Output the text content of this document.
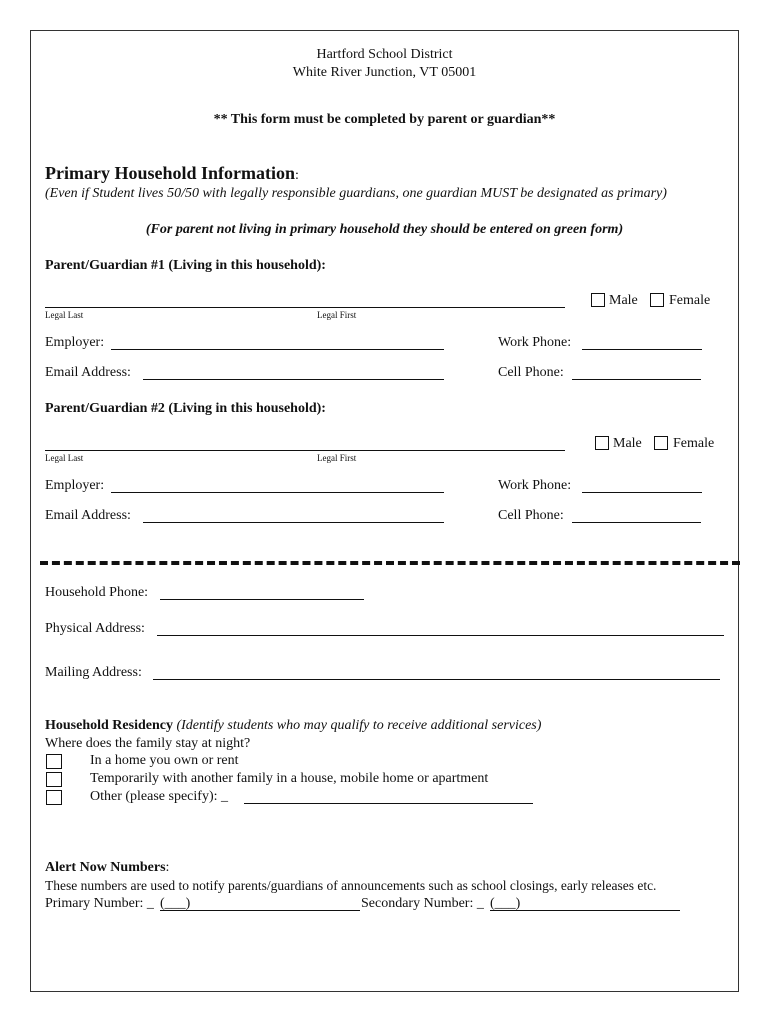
Hartford School District
White River Junction, VT 05001
** This form must be completed by parent or guardian**
Primary Household Information:
(Even if Student lives 50/50 with legally responsible guardians, one guardian MUST be designated as primary)
(For parent not living in primary household they should be entered on green form)
Parent/Guardian #1 (Living in this household):
Legal Last	Legal First
Male Female
Employer:	Work Phone:
Email Address:	Cell Phone:
Parent/Guardian #2 (Living in this household):
Legal Last	Legal First
Male Female
Employer:	Work Phone:
Email Address:	Cell Phone:
Household Phone:
Physical Address:
Mailing Address:
Household Residency (Identify students who may qualify to receive additional services)
Where does the family stay at night?
In a home you own or rent
Temporarily with another family in a house, mobile home or apartment
Other (please specify): _
Alert Now Numbers:
These numbers are used to notify parents/guardians of announcements such as school closings, early releases etc.
Primary Number: _ (___)	Secondary Number: _ (___)
